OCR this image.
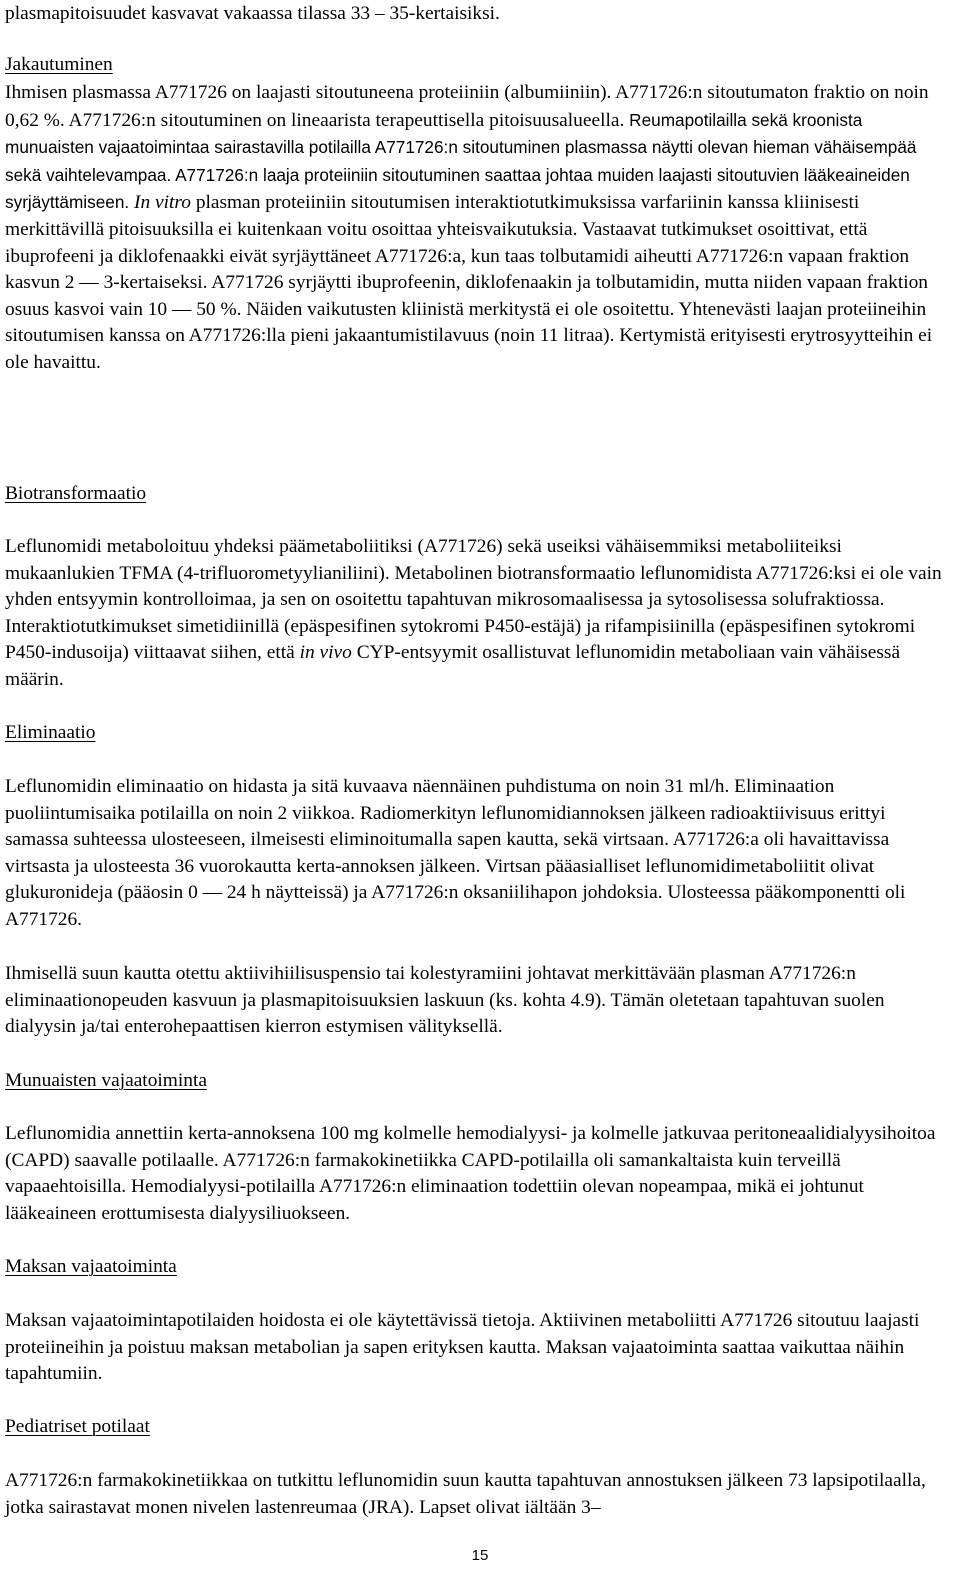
plasmapitoisuudet kasvavat vakaassa tilassa 33 – 35-kertaisiksi.

Jakautuminen

Ihmisen plasmassa A771726 on laajasti sitoutuneena proteiiniin (albumiiniin). A771726:n sitoutumaton fraktio on noin 0,62 %. A771726:n sitoutuminen on lineaarista terapeuttisella pitoisuusalueella. Reumapotilailla sekä kroonista munuaisten vajaatoimintaa sairastavilla potilailla A771726:n sitoutuminen plasmassa näytti olevan hieman vähäisempää sekä vaihtelevampaa. A771726:n laaja proteiiniin sitoutuminen saattaa johtaa muiden laajasti sitoutuvien lääkeaineiden syrjäyttämiseen. In vitro plasman proteiiniin sitoutumisen interaktiotutkimuksissa varfariinin kanssa kliinisesti merkittävillä pitoisuuksilla ei kuitenkaan voitu osoittaa yhteisvaikutuksia. Vastaavat tutkimukset osoittivat, että ibuprofeeni ja diklofenaakki eivät syrjäyttäneet A771726:a, kun taas tolbutamidi aiheutti A771726:n vapaan fraktion kasvun 2 — 3-kertaiseksi. A771726 syrjäytti ibuprofeenin, diklofenaakin ja tolbutamidin, mutta niiden vapaan fraktion osuus kasvoi vain 10 — 50 %. Näiden vaikutusten kliinistä merkitystä ei ole osoitettu. Yhtenevästi laajan proteiineihin sitoutumisen kanssa on A771726:lla pieni jakaantumistilavuus (noin 11 litraa). Kertymistä erityisesti erytrosyytteihin ei ole havaittu.

Biotransformaatio

Leflunomidi metaboloituu yhdeksi päämetaboliitiksi (A771726) sekä useiksi vähäisemmiksi metaboliiteiksi mukaanlukien TFMA (4-trifluorometyylianiliini). Metabolinen biotransformaatio leflunomidista A771726:ksi ei ole vain yhden entsyymin kontrolloimaa, ja sen on osoitettu tapahtuvan mikrosomaalisessa ja sytosolisessa solufraktiossa. Interaktiotutkimukset simetidiinillä (epäspesifinen sytokromi P450-estäjä) ja rifampisiinilla (epäspesifinen sytokromi P450-indusoija) viittaavat siihen, että in vivo CYP-entsyymit osallistuvat leflunomidin metaboliaan vain vähäisessä määrin.

Eliminaatio

Leflunomidin eliminaatio on hidasta ja sitä kuvaava näennäinen puhdistuma on noin 31 ml/h. Eliminaation puoliintumisaika potilailla on noin 2 viikkoa. Radiomerkityn leflunomidiannoksen jälkeen radioaktiivisuus erittyi samassa suhteessa ulosteeseen, ilmeisesti eliminoitumalla sapen kautta, sekä virtsaan. A771726:a oli havaittavissa virtsasta ja ulosteesta 36 vuorokautta kerta-annoksen jälkeen. Virtsan pääasialliset leflunomidimetaboliitit olivat glukuronideja (pääosin 0 — 24 h näytteissä) ja A771726:n oksaniilihapon johdoksia. Ulosteessa pääkomponentti oli A771726.

Ihmisellä suun kautta otettu aktiivihiilisuspensio tai kolestyramiini johtavat merkittävään plasman A771726:n eliminaationopeuden kasvuun ja plasmapitoisuuksien laskuun (ks. kohta 4.9). Tämän oletetaan tapahtuvan suolen dialyysin ja/tai enterohepaattisen kierron estymisen välityksellä.

Munuaisten vajaatoiminta

Leflunomidia annettiin kerta-annoksena 100 mg kolmelle hemodialyysi- ja kolmelle jatkuvaa peritoneaalidialyysihoitoa (CAPD) saavalle potilaalle. A771726:n farmakokinetiikka CAPD-potilailla oli samankaltaista kuin terveillä vapaaehtoisilla. Hemodialyysi-potilailla A771726:n eliminaation todettiin olevan nopeampaa, mikä ei johtunut lääkeaineen erottumisesta dialyysiliuokseen.

Maksan vajaatoiminta

Maksan vajaatoimintapotilaiden hoidosta ei ole käytettävissä tietoja. Aktiivinen metaboliitti A771726 sitoutuu laajasti proteiineihin ja poistuu maksan metabolian ja sapen erityksen kautta. Maksan vajaatoiminta saattaa vaikuttaa näihin tapahtumiin.

Pediatriset potilaat

A771726:n farmakokinetiikkaa on tutkittu leflunomidin suun kautta tapahtuvan annostuksen jälkeen 73 lapsipotilaalla, jotka sairastavat monen nivelen lastenreumaa (JRA). Lapset olivat iältään 3–

15
